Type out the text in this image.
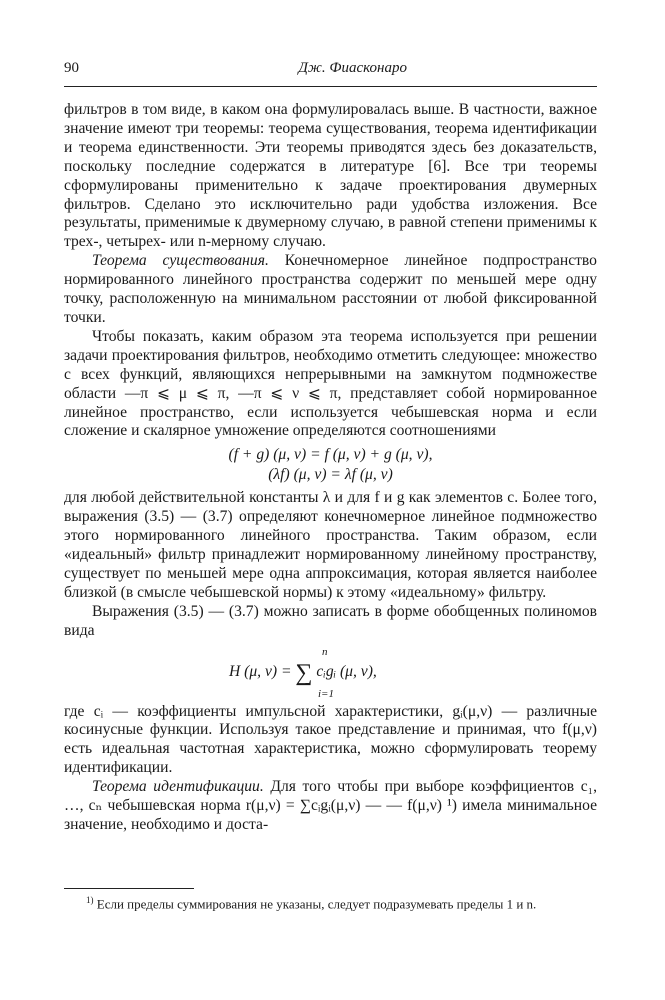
90	Дж. Фиасконаро

фильтров в том виде, в каком она формулировалась выше. В частности, важное значение имеют три теоремы: теорема существования, теорема идентификации и теорема единственности. Эти теоремы приводятся здесь без доказательств, поскольку последние содержатся в литературе [6]. Все три теоремы сформулированы применительно к задаче проектирования двумерных фильтров. Сделано это исключительно ради удобства изложения. Все результаты, применимые к двумерному случаю, в равной степени применимы к трех-, четырех- или n-мерному случаю.

Теорема существования. Конечномерное линейное подпространство нормированного линейного пространства содержит по меньшей мере одну точку, расположенную на минимальном расстоянии от любой фиксированной точки.

Чтобы показать, каким образом эта теорема используется при решении задачи проектирования фильтров, необходимо отметить следующее: множество c всех функций, являющихся непрерывными на замкнутом подмножестве области —π ⩽ μ ⩽ π, —π ⩽ ν ⩽ π, представляет собой нормированное линейное пространство, если используется чебышевская норма и если сложение и скалярное умножение определяются соотношениями

(f + g) (μ, ν) = f (μ, ν) + g (μ, ν),
(λf) (μ, ν) = λf (μ, ν)

для любой действительной константы λ и для f и g как элементов c. Более того, выражения (3.5) — (3.7) определяют конечномерное линейное подмножество этого нормированного линейного пространства. Таким образом, если «идеальный» фильтр принадлежит нормированному линейному пространству, существует по меньшей мере одна аппроксимация, которая является наиболее близкой (в смысле чебышевской нормы) к этому «идеальному» фильтру.

Выражения (3.5) — (3.7) можно записать в форме обобщенных полиномов вида

n
H (μ, ν) = ∑ cᵢgᵢ (μ, ν),
i=1

где cᵢ — коэффициенты импульсной характеристики, gᵢ(μ,ν) — различные косинусные функции. Используя такое представление и принимая, что f(μ,ν) есть идеальная частотная характеристика, можно сформулировать теорему идентификации.

Теорема идентификации. Для того чтобы при выборе коэффициентов c₁, …, cₙ чебышевская норма r(μ,ν) = ∑cᵢgᵢ(μ,ν) — — f(μ,ν) ¹) имела минимальное значение, необходимо и доста-

$^{1)}$ Если пределы суммирования не указаны, следует подразумевать пределы 1 и n.
